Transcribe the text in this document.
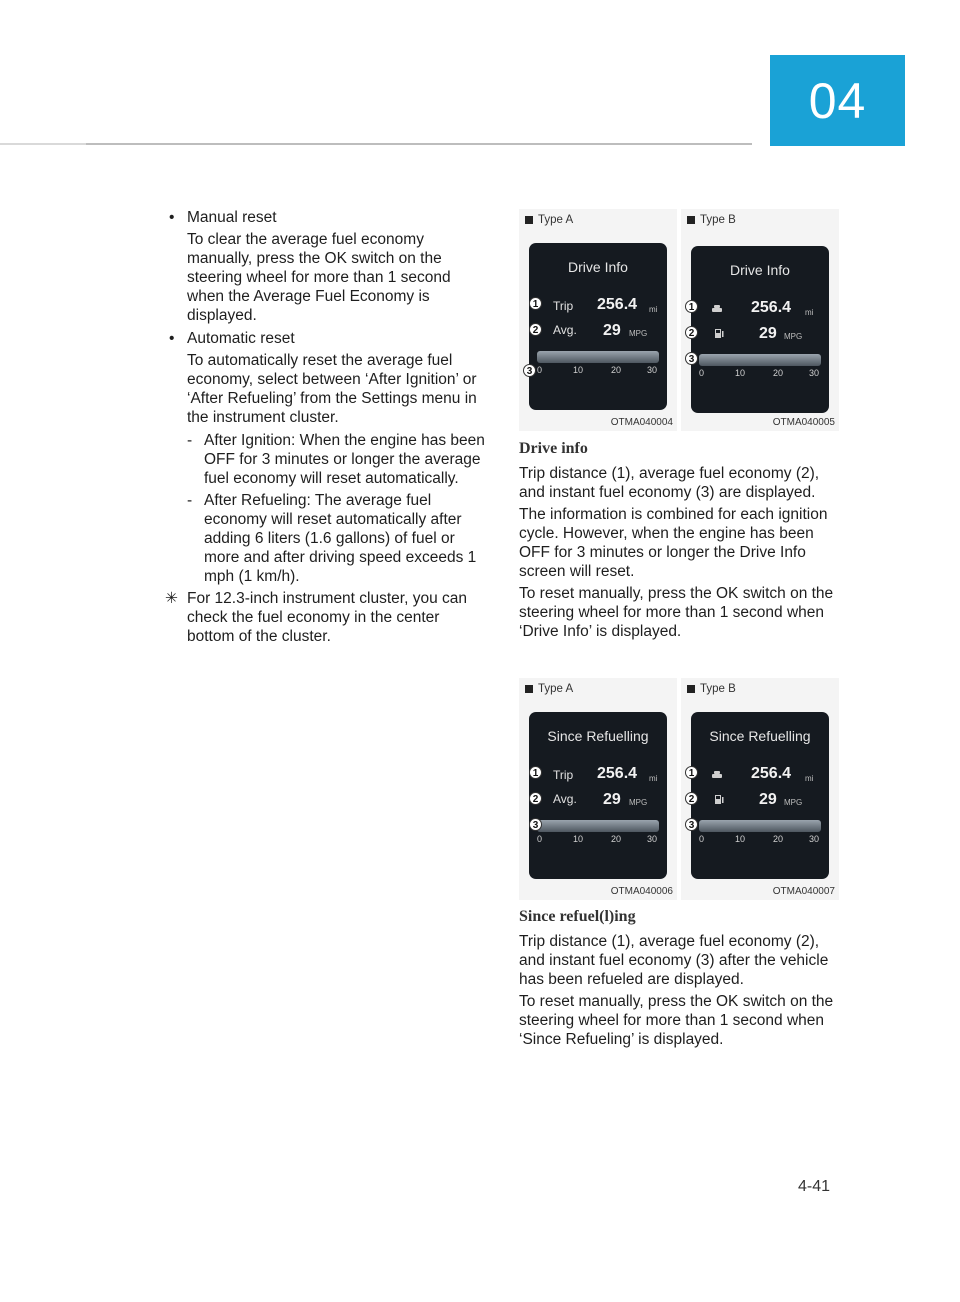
04
• Manual reset
To clear the average fuel economy manually, press the OK switch on the steering wheel for more than 1 second when the Average Fuel Economy is displayed.
• Automatic reset
To automatically reset the average fuel economy, select between ‘After Ignition’ or ‘After Refueling’ from the Settings menu in the instrument cluster.
- After Ignition: When the engine has been OFF for 3 minutes or longer the average fuel economy will reset automatically.
- After Refueling: The average fuel economy will reset automatically after adding 6 liters (1.6 gallons) of fuel or more and after driving speed exceeds 1 mph (1 km/h).
✳ For 12.3-inch instrument cluster, you can check the fuel economy in the center bottom of the cluster.
Type A
Drive Info
Trip 256.4 mi
Avg. 29 MPG
0	10	20	30
1
2
3
OTMA040004
Type B
Drive Info
256.4 mi
29 MPG
0	10	20	30
1
2
3
OTMA040005
Drive info

Trip distance (1), average fuel economy (2), and instant fuel economy (3) are displayed.

The information is combined for each ignition cycle. However, when the engine has been OFF for 3 minutes or longer the Drive Info screen will reset.

To reset manually, press the OK switch on the steering wheel for more than 1 second when ‘Drive Info’ is displayed.

Type A
Since Refuelling
Trip 256.4 mi
Avg. 29 MPG
0	10	20	30
1
2
3
OTMA040006
Type B
Since Refuelling
256.4 mi
29 MPG
0	10	20	30
1
2
3
OTMA040007
Since refuel(l)ing

Trip distance (1), average fuel economy (2), and instant fuel economy (3) after the vehicle has been refueled are displayed.

To reset manually, press the OK switch on the steering wheel for more than 1 second when ‘Since Refueling’ is displayed.

4-41
